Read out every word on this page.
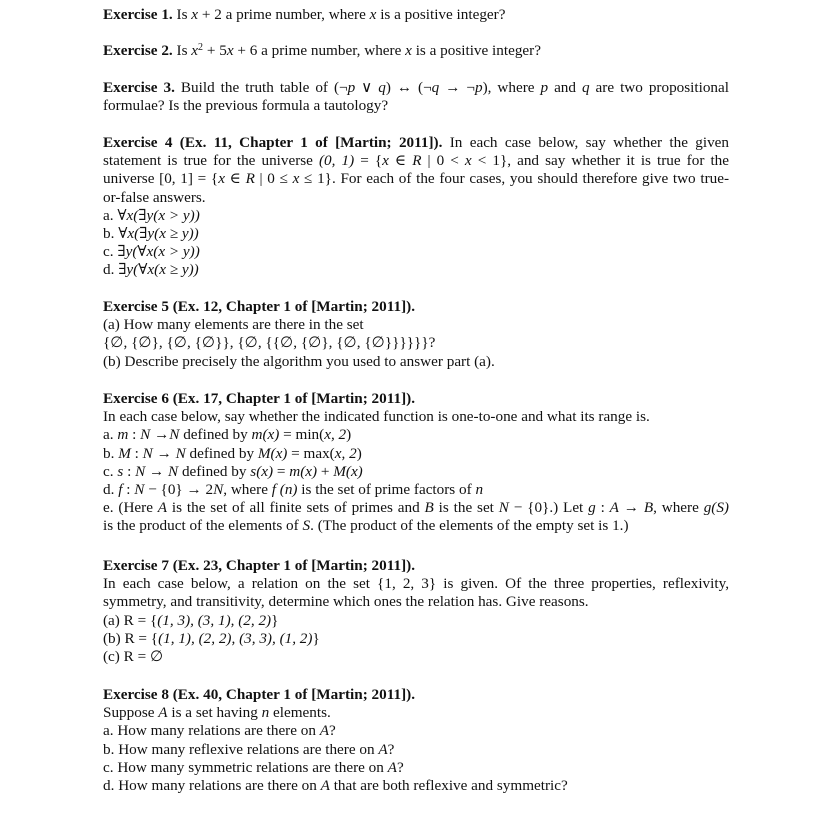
Exercise 1. Is x + 2 a prime number, where x is a positive integer?
Exercise 2. Is $x^2 + 5x + 6$ a prime number, where x is a positive integer?
Exercise 3. Build the truth table of (¬p ∨ q) ↔ (¬q → ¬p), where p and q are two propositional
formulae? Is the previous formula a tautology?
Exercise 4 (Ex. 11, Chapter 1 of [Martin; 2011]). In each case below, say whether the given
statement is true for the universe (0, 1) = {x ∈ R | 0 < x < 1}, and say whether it is true for the
universe [0, 1] = {x ∈ R | 0 ≤ x ≤ 1}. For each of the four cases, you should therefore give two true-
or-false answers.
a. ∀x(∃y(x > y))
b. ∀x(∃y(x ≥ y))
c. ∃y(∀x(x > y))
d. ∃y(∀x(x ≥ y))
Exercise 5 (Ex. 12, Chapter 1 of [Martin; 2011]).
(a) How many elements are there in the set
{∅, {∅}, {∅, {∅}}, {∅, {{∅, {∅}, {∅, {∅}}}}}}?
(b) Describe precisely the algorithm you used to answer part (a).
Exercise 6 (Ex. 17, Chapter 1 of [Martin; 2011]).
In each case below, say whether the indicated function is one-to-one and what its range is.
a. m : N →N defined by m(x) = min(x, 2)
b. M : N → N defined by M(x) = max(x, 2)
c. s : N → N defined by s(x) = m(x) + M(x)
d. f : N − {0} → 2N, where f (n) is the set of prime factors of n
e. (Here A is the set of all finite sets of primes and B is the set N − {0}.) Let g : A → B, where g(S)
is the product of the elements of S. (The product of the elements of the empty set is 1.)
Exercise 7 (Ex. 23, Chapter 1 of [Martin; 2011]).
In each case below, a relation on the set {1, 2, 3} is given. Of the three properties, reflexivity,
symmetry, and transitivity, determine which ones the relation has. Give reasons.
(a) R = {(1, 3), (3, 1), (2, 2)}
(b) R = {(1, 1), (2, 2), (3, 3), (1, 2)}
(c) R = ∅
Exercise 8 (Ex. 40, Chapter 1 of [Martin; 2011]).
Suppose A is a set having n elements.
a. How many relations are there on A?
b. How many reflexive relations are there on A?
c. How many symmetric relations are there on A?
d. How many relations are there on A that are both reflexive and symmetric?
